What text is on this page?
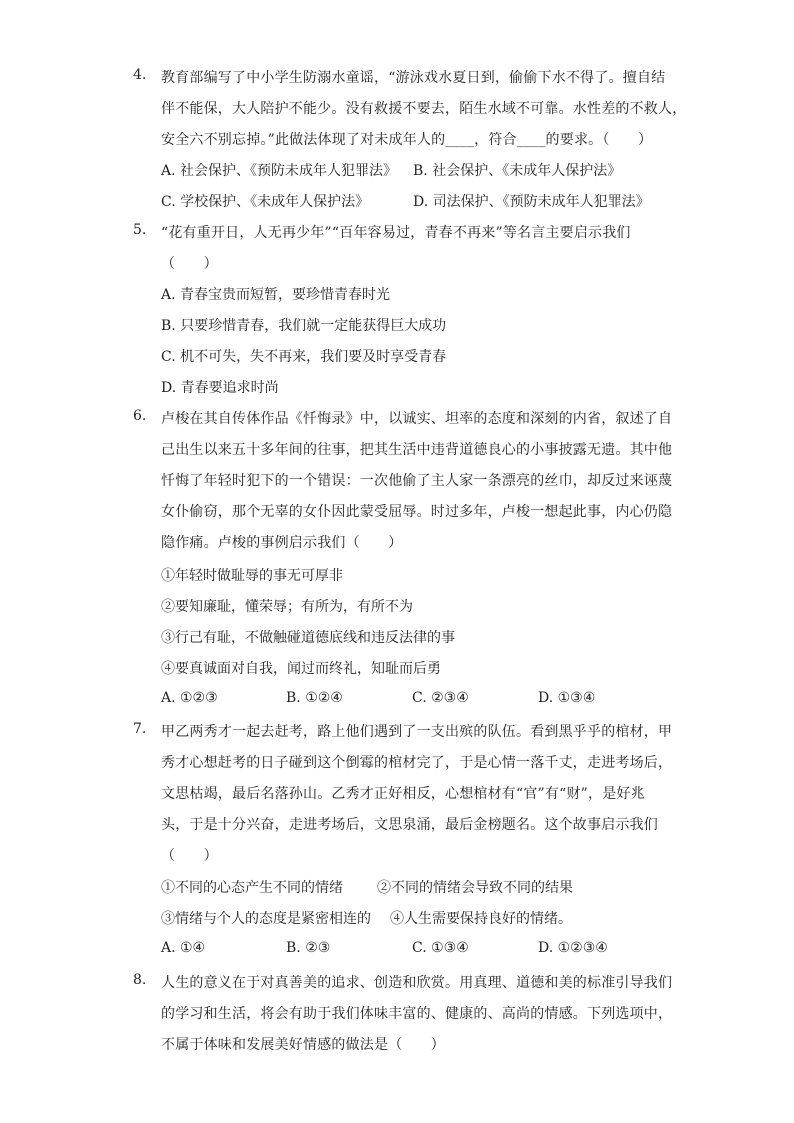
4. 教育部编写了中小学生防溺水童谣，“游泳戏水夏日到，偷偷下水不得了。擅自结
伴不能保，大人陪护不能少。没有救援不要去，陌生水域不可靠。水性差的不救人，
安全六不别忘掉。”此做法体现了对未成年人的____，符合____的要求。（　　）
A. 社会保护、《预防未成年人犯罪法》 B. 社会保护、《未成年人保护法》
C. 学校保护、《未成年人保护法》	D. 司法保护、《预防未成年人犯罪法》
5. “花有重开日，人无再少年”“百年容易过，青春不再来”等名言主要启示我们
（　　）
A. 青春宝贵而短暂，要珍惜青春时光
B. 只要珍惜青春，我们就一定能获得巨大成功
C. 机不可失，失不再来，我们要及时享受青春
D. 青春要追求时尚
6. 卢梭在其自传体作品《忏悔录》中，以诚实、坦率的态度和深刻的内省，叙述了自
己出生以来五十多年间的往事，把其生活中违背道德良心的小事披露无遗。其中他
忏悔了年轻时犯下的一个错误：一次他偷了主人家一条漂亮的丝巾，却反过来诬蔑
女仆偷窃，那个无辜的女仆因此蒙受屈辱。时过多年，卢梭一想起此事，内心仍隐
隐作痛。卢梭的事例启示我们（　　）
①年轻时做耻辱的事无可厚非
②要知廉耻，懂荣辱；有所为，有所不为
③行己有耻，不做触碰道德底线和违反法律的事
④要真诚面对自我，闻过而终礼，知耻而后勇
A. ①②③	B. ①②④	C. ②③④	D. ①③④
7. 甲乙两秀才一起去赶考，路上他们遇到了一支出殡的队伍。看到黑乎乎的棺材，甲
秀才心想赶考的日子碰到这个倒霉的棺材完了，于是心情一落千丈，走进考场后，
文思枯竭，最后名落孙山。乙秀才正好相反，心想棺材有“官”有“财”，是好兆
头，于是十分兴奋，走进考场后，文思泉涌，最后金榜题名。这个故事启示我们
（　　）
①不同的心态产生不同的情绪 ②不同的情绪会导致不同的结果
③情绪与个人的态度是紧密相连的 ④人生需要保持良好的情绪。
A. ①④	B. ②③	C. ①③④	D. ①②③④
8. 人生的意义在于对真善美的追求、创造和欣赏。用真理、道德和美的标准引导我们
的学习和生活，将会有助于我们体味丰富的、健康的、高尚的情感。下列选项中，
不属于体味和发展美好情感的做法是（　　）
